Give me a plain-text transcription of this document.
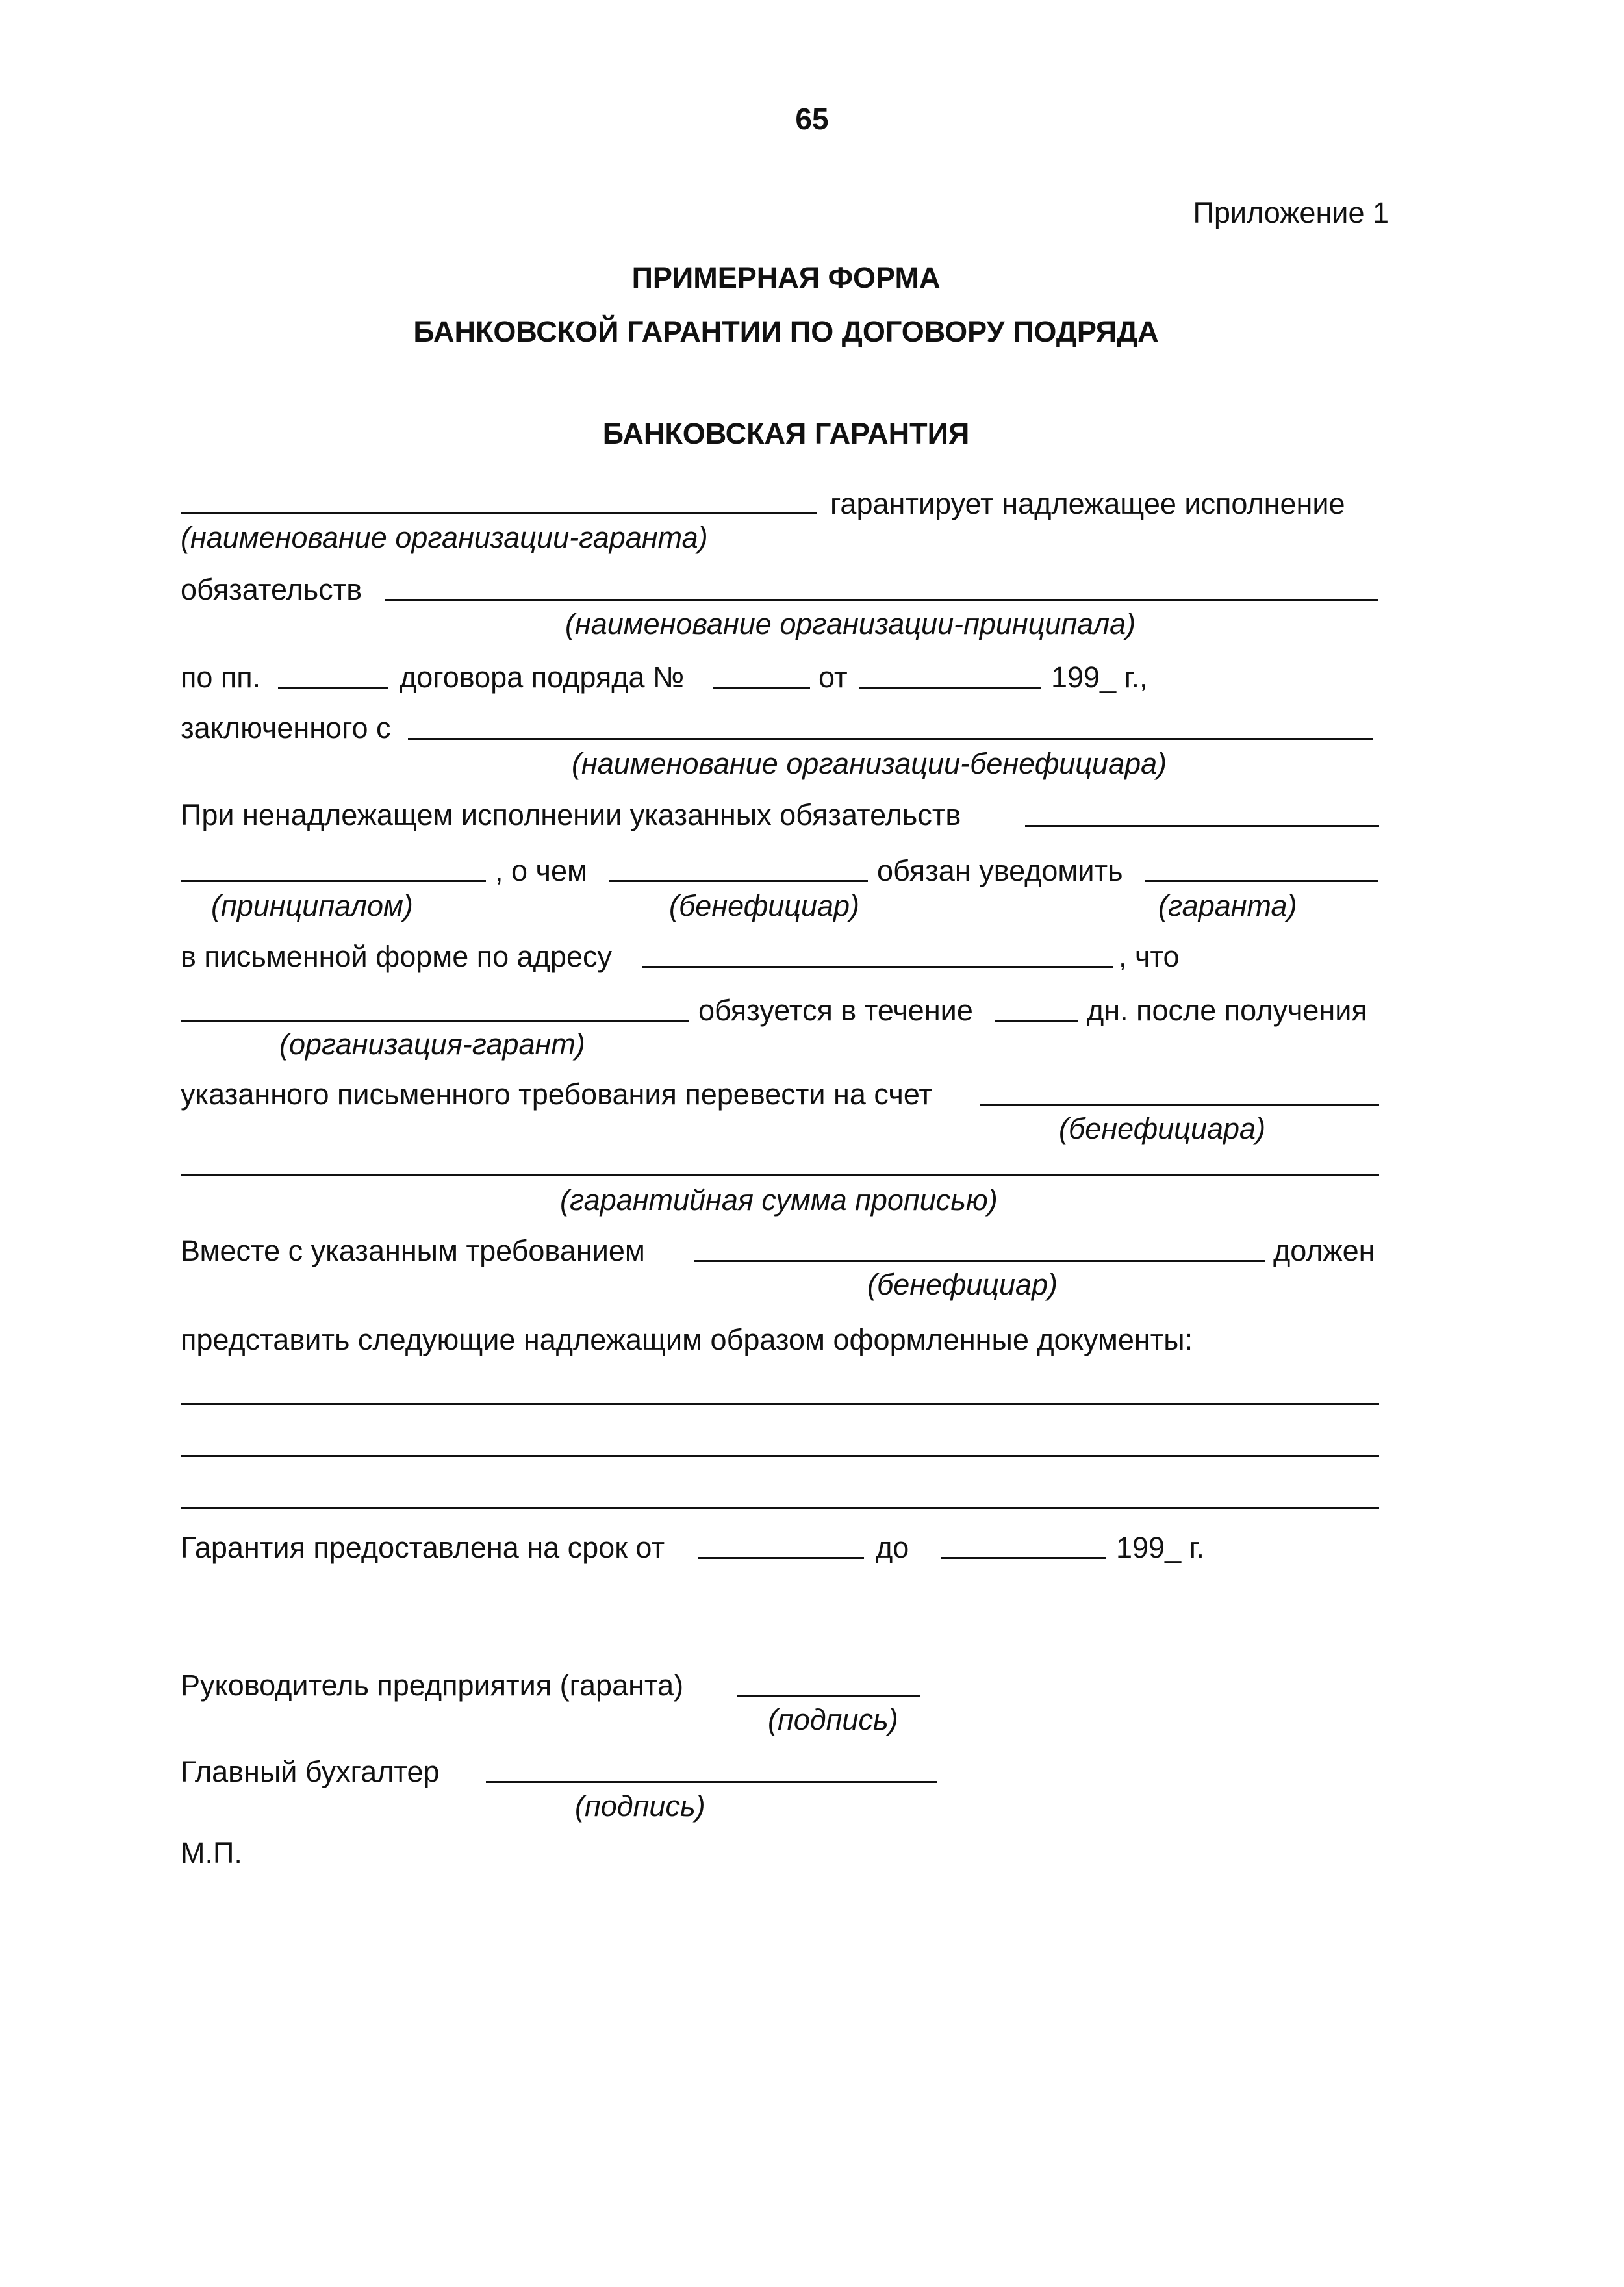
65
Приложение 1
ПРИМЕРНАЯ ФОРМА
БАНКОВСКОЙ ГАРАНТИИ ПО ДОГОВОРУ ПОДРЯДА
БАНКОВСКАЯ ГАРАНТИЯ
гарантирует надлежащее исполнение
(наименование организации-гаранта)
обязательств
(наименование организации-принципала)
по пп.	договора подряда №	от	199_ г.,
заключенного с
(наименование организации-бенефициара)
При ненадлежащем исполнении указанных обязательств
, о чем	обязан уведомить
(принципалом)	(бенефициар)	(гаранта)
в письменной форме по адресу	, что
обязуется в течение	дн. после получения
(организация-гарант)
указанного письменного требования перевести на счет
(бенефициара)
(гарантийная сумма прописью)
Вместе с указанным требованием	должен
(бенефициар)
представить следующие надлежащим образом оформленные документы:
Гарантия предоставлена на срок от	до	199_ г.
Руководитель предприятия (гаранта)
(подпись)
Главный бухгалтер
(подпись)
М.П.
